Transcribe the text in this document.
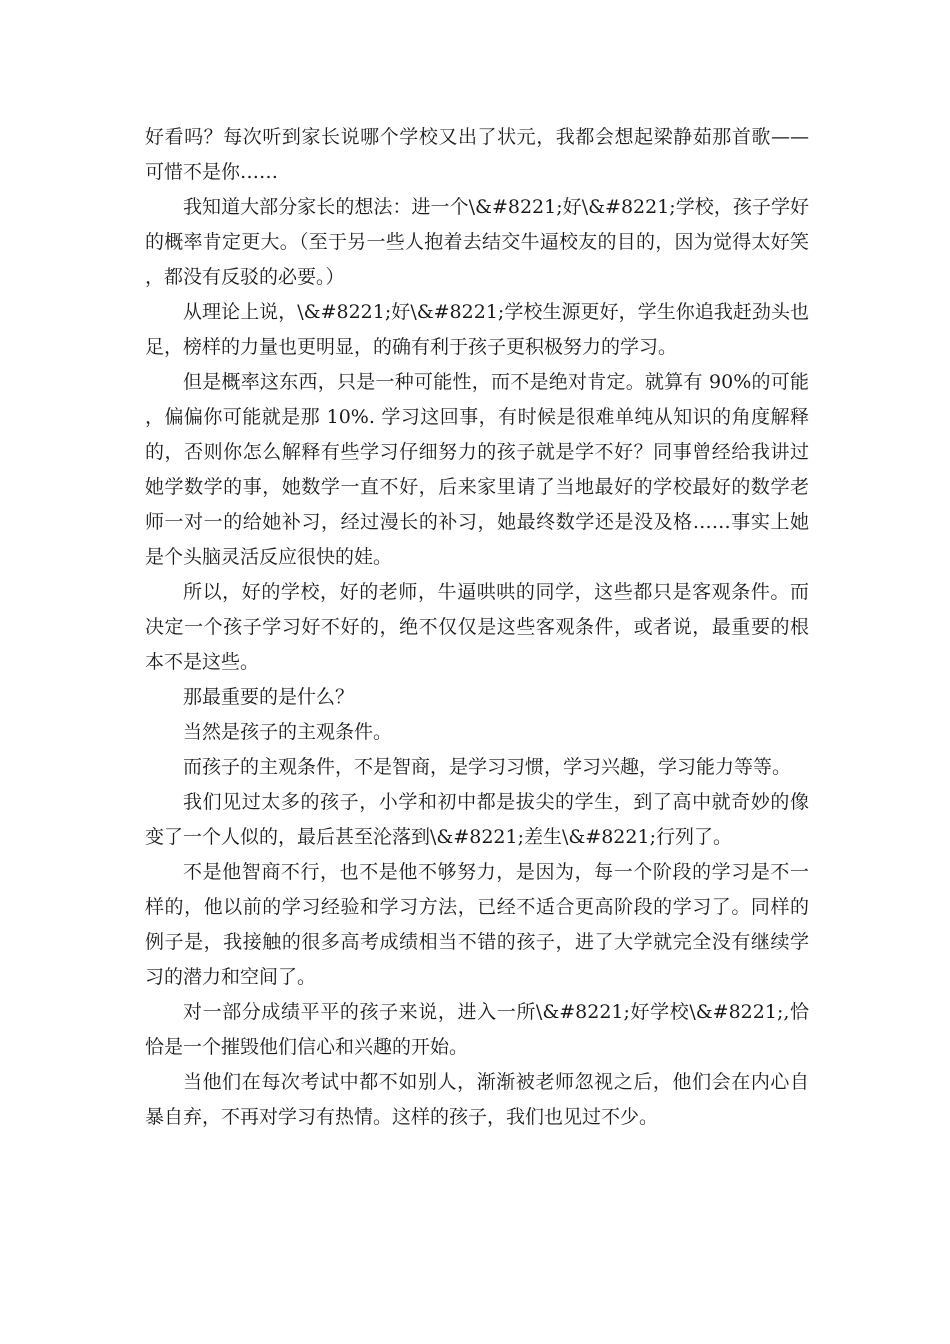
好看吗？每次听到家长说哪个学校又出了状元，我都会想起梁静茹那首歌——可惜不是你……

我知道大部分家长的想法：进一个\&#8221;好\&#8221;学校，孩子学好的概率肯定更大。（至于另一些人抱着去结交牛逼校友的目的，因为觉得太好笑，都没有反驳的必要。）

从理论上说，\&#8221;好\&#8221;学校生源更好，学生你追我赶劲头也足，榜样的力量也更明显，的确有利于孩子更积极努力的学习。

但是概率这东西，只是一种可能性，而不是绝对肯定。就算有 90%的可能，偏偏你可能就是那 10%. 学习这回事，有时候是很难单纯从知识的角度解释的，否则你怎么解释有些学习仔细努力的孩子就是学不好？同事曾经给我讲过她学数学的事，她数学一直不好，后来家里请了当地最好的学校最好的数学老师一对一的给她补习，经过漫长的补习，她最终数学还是没及格……事实上她是个头脑灵活反应很快的娃。

所以，好的学校，好的老师，牛逼哄哄的同学，这些都只是客观条件。而决定一个孩子学习好不好的，绝不仅仅是这些客观条件，或者说，最重要的根本不是这些。

那最重要的是什么？

当然是孩子的主观条件。

而孩子的主观条件，不是智商，是学习习惯，学习兴趣，学习能力等等。

我们见过太多的孩子，小学和初中都是拔尖的学生，到了高中就奇妙的像变了一个人似的，最后甚至沦落到\&#8221;差生\&#8221;行列了。

不是他智商不行，也不是他不够努力，是因为，每一个阶段的学习是不一样的，他以前的学习经验和学习方法，已经不适合更高阶段的学习了。同样的例子是，我接触的很多高考成绩相当不错的孩子，进了大学就完全没有继续学习的潜力和空间了。

对一部分成绩平平的孩子来说，进入一所\&#8221;好学校\&#8221;,恰恰是一个摧毁他们信心和兴趣的开始。

当他们在每次考试中都不如别人，渐渐被老师忽视之后，他们会在内心自暴自弃，不再对学习有热情。这样的孩子，我们也见过不少。
